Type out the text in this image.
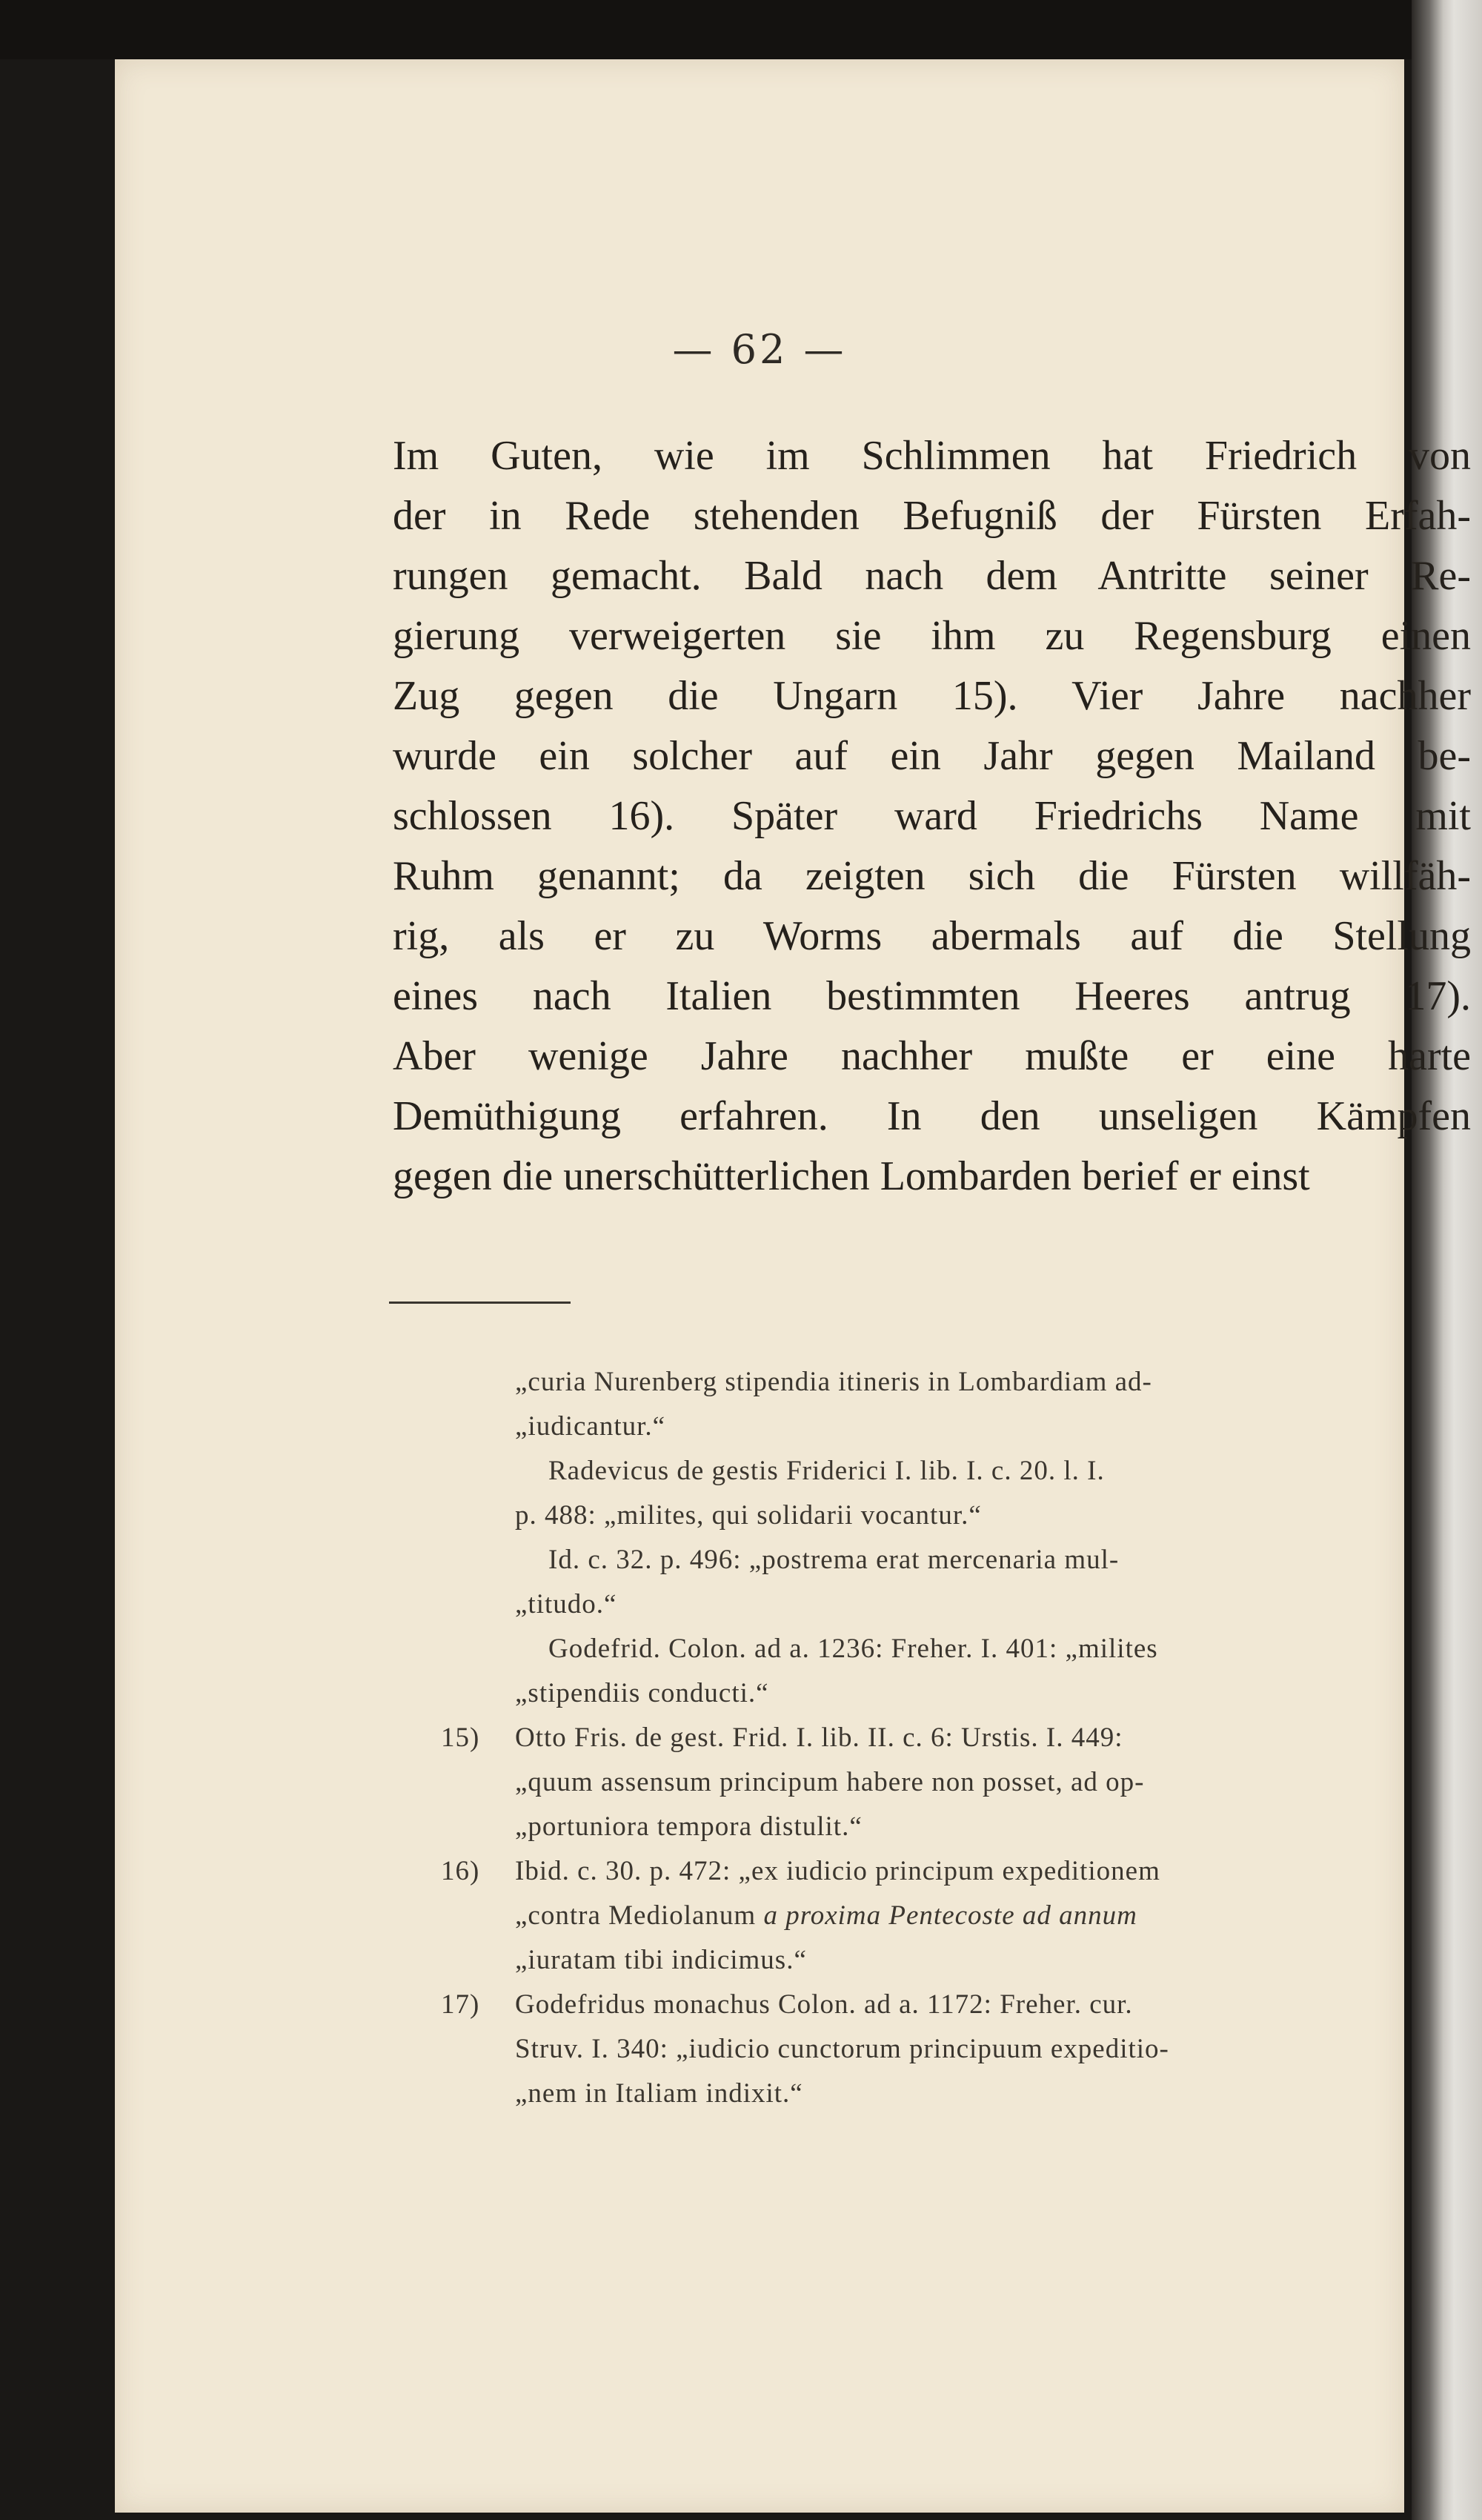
— 62 —
Im Guten, wie im Schlimmen hat Friedrich von
der in Rede stehenden Befugniß der Fürsten Erfah-
rungen gemacht. Bald nach dem Antritte seiner Re-
gierung verweigerten sie ihm zu Regensburg einen
Zug gegen die Ungarn 15). Vier Jahre nachher
wurde ein solcher auf ein Jahr gegen Mailand be-
schlossen 16). Später ward Friedrichs Name mit
Ruhm genannt; da zeigten sich die Fürsten willfäh-
rig, als er zu Worms abermals auf die Stellung
eines nach Italien bestimmten Heeres antrug 17).
Aber wenige Jahre nachher mußte er eine harte
Demüthigung erfahren. In den unseligen Kämpfen
gegen die unerschütterlichen Lombarden berief er einst
„curia Nurenberg stipendia itineris in Lombardiam ad-
„iudicantur.“
Radevicus de gestis Friderici I. lib. I. c. 20. l. I.
p. 488: „milites, qui solidarii vocantur.“
Id. c. 32. p. 496: „postrema erat mercenaria mul-
„titudo.“
Godefrid. Colon. ad a. 1236: Freher. I. 401: „milites
„stipendiis conducti.“
15)	Otto Fris. de gest. Frid. I. lib. II. c. 6: Urstis. I. 449:
„quum assensum principum habere non posset, ad op-
„portuniora tempora distulit.“
16)	Ibid. c. 30. p. 472: „ex iudicio principum expeditionem
„contra Mediolanum a proxima Pentecoste ad annum
„iuratam tibi indicimus.“
17)	Godefridus monachus Colon. ad a. 1172: Freher. cur.
Struv. I. 340: „iudicio cunctorum principuum expeditio-
„nem in Italiam indixit.“
